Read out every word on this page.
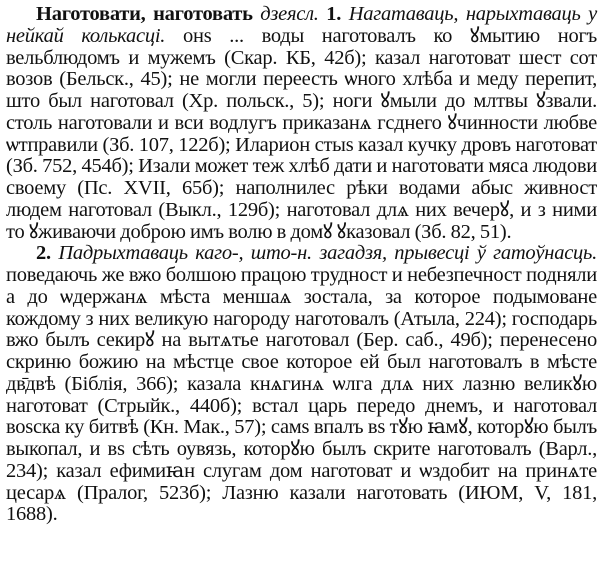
Наготовати, наготовать дзеясл. 1. Нагатаваць, нарыхтаваць у нейкай колькасці. онѕ ... воды наготовалъ ко ꙋмытию ногъ вельблюдомъ и мужемъ (Скар. КБ, 42б); казал наготоват шест сот возов (Бельск., 45); не могли переесть ѡного хлѣба и меду перепит, што был наготовал (Хр. польск., 5); ноги ꙋмыли до млтвы ꙋзвали. столь наготовали и вси водлугъ приказанѧ гсднего ꙋчинности любве ѡтправили (Зб. 107, 122б); Иларион стыѕ казал кучку дровъ наготоват (Зб. 752, 454б); Изали может теж хлѣб дати и наготовати мяса людови своему (Пс. XVII, 65б); наполнилес рѣки водами абыс живност людем наготовал (Выкл., 129б); наготовал длѧ них вечерꙋ, и з ними то ꙋживаючи доброю имъ волю в домꙋ ꙋказовал (Зб. 82, 51).

2. Падрыхтаваць каго-, што-н. загадзя, прывесці ў гатоўнасць. поведаючь же вжо болшою працою трудност и небезпечност подняли а до ѡдержанѧ мѣста меншаѧ зостала, за которое подымоване кождому з них великую нагороду наготовалъ (Атыла, 224); господарь вжо былъ секирꙋ на вытѧтье наготовал (Бер. саб., 49б); перенесено скриню божию на мѣстце свое которое ей был наготовалъ в мѣсте дв̄двѣ (Біблія, 366); казала кнѧгинѧ ѡлга длѧ них лазню великꙋю наготоват (Стрыйк., 440б); встал царь передо днемъ, и наготовал воѕска ку битвѣ (Кн. Мак., 57); самѕ впалъ вѕ тꙋю ꙗмꙋ, которꙋю былъ выкопал, и вѕ сѣть оувязь, которꙋю былъ скрите наготовалъ (Варл., 234); казал ефимиꙗн слугам дом наготоват и ѡздобит на принѧте цесарѧ (Пралог, 523б); Лазню казали наготовать (ИЮМ, V, 181, 1688).
